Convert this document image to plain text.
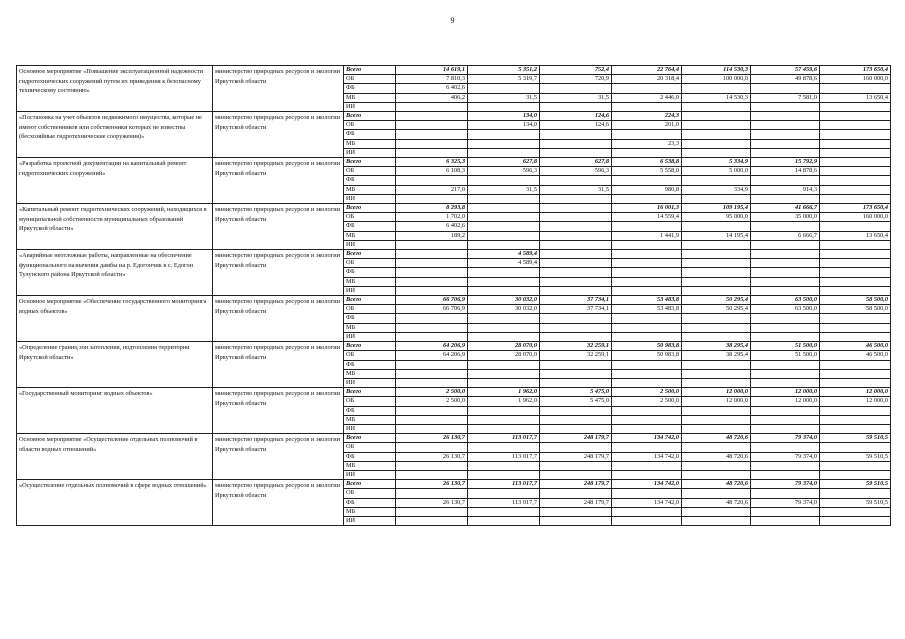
9
Основное мероприятие «Повышение эксплуатационной надежности гидротехнических сооружений путем их приведения к безопасному техническому состоянию»	министерство природных ресурсов и экологии Иркутской области	Всего	14 619,1	5 351,2	752,4	22 764,4	114 530,3	57 459,6	173 650,4
		ОБ	7 810,3	5 319,7	720,9	20 318,4	100 000,0	49 878,6	160 000,0
		ФБ	6 402,6						
		МБ	406,2	31,5	31,5	2 446,0	14 530,3	7 581,0	13 650,4
		ИИ							
«Постановка на учет объектов недвижимого имущества, которые не имеют собственников или собственники которых не известны (бесхозяйные гидротехнические сооружения)»	министерство природных ресурсов и экологии Иркутской области	Всего		134,0	124,6	224,3			
		ОБ		134,0	124,6	201,0			
		ФБ							
		МБ				23,3			
		ИИ							
«Разработка проектной документации на капитальный ремонт гидротехнических сооружений»	министерство природных ресурсов и экологии Иркутской области	Всего	6 325,3	627,8	627,8	6 538,8	5 334,9	15 792,9	
		ОБ	6 108,3	596,3	596,3	5 558,0	5 000,0	14 878,6	
		ФБ							
		МБ	217,0	31,5	31,5	980,8	334,9	914,3	
		ИИ							
«Капитальный ремонт гидротехнических сооружений, находящихся в муниципальной собственности муниципальных образований Иркутской области»	министерство природных ресурсов и экологии Иркутской области	Всего	8 293,8			16 001,3	109 195,4	41 666,7	173 650,4
		ОБ	1 702,0			14 559,4	95 000,0	35 000,0	160 000,0
		ФБ	6 402,6						
		МБ	189,2			1 441,9	14 195,4	6 666,7	13 650,4
		ИИ							
«Аварийные неотложные работы, направленные на обеспечение функционального назначения дамбы на р. Едогончик в с. Едогон Тулунского района Иркутской области»	министерство природных ресурсов и экологии Иркутской области	Всего		4 589,4					
		ОБ		4 589,4					
		ФБ							
		МБ							
		ИИ							
Основное мероприятие «Обеспечение государственного мониторинга водных объектов»	министерство природных ресурсов и экологии Иркутской области	Всего	66 706,9	30 032,0	37 734,1	53 483,8	50 295,4	63 500,0	58 500,0
		ОБ	66 706,9	30 032,0	37 734,1	53 483,8	50 295,4	63 500,0	58 500,0
		ФБ							
		МБ							
		ИИ							
«Определение границ зон затопления, подтопления территории Иркутской области»	министерство природных ресурсов и экологии Иркутской области	Всего	64 206,9	28 070,0	32 259,1	50 983,8	38 295,4	51 500,0	46 500,0
		ОБ	64 206,9	28 070,0	32 259,1	50 983,8	38 295,4	51 500,0	46 500,0
		ФБ							
		МБ							
		ИИ							
«Государственный мониторинг водных объектов»	министерство природных ресурсов и экологии Иркутской области	Всего	2 500,0	1 962,0	5 475,0	2 500,0	12 000,0	12 000,0	12 000,0
		ОБ	2 500,0	1 962,0	5 475,0	2 500,0	12 000,0	12 000,0	12 000,0
		ФБ							
		МБ							
		ИИ							
Основное мероприятие «Осуществление отдельных полномочий в области водных отношений»	министерство природных ресурсов и экологии Иркутской области	Всего	26 130,7	113 017,7	248 179,7	134 742,0	48 720,6	79 374,0	59 510,5
		ОБ							
		ФБ	26 130,7	113 017,7	248 179,7	134 742,0	48 720,6	79 374,0	59 510,5
		МБ							
		ИИ							
«Осуществление отдельных полномочий в сфере водных отношений»	министерство природных ресурсов и экологии Иркутской области	Всего	26 130,7	113 017,7	248 179,7	134 742,0	48 720,6	79 374,0	59 510,5
		ОБ							
		ФБ	26 130,7	113 017,7	248 179,7	134 742,0	48 720,6	79 374,0	59 510,5
		МБ							
		ИИ							
